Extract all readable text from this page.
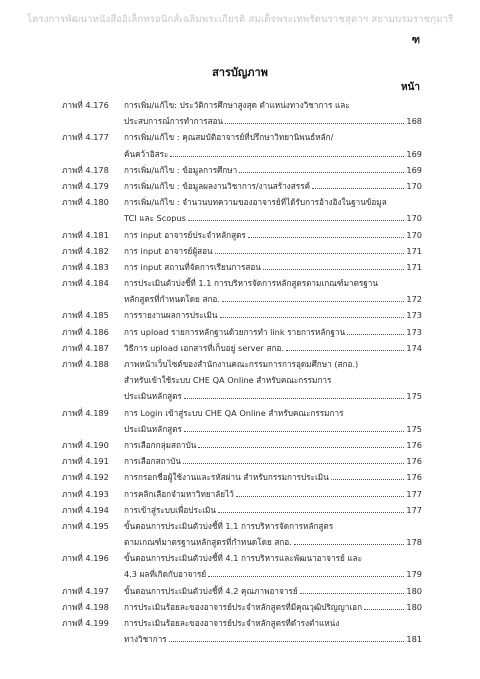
โครงการพัฒนาหนังสืออิเล็กทรอนิกส์เฉลิมพระเกียรติ สมเด็จพระเทพรัตนราชสุดาฯ สยามบรมราชกุมารี
ฑ
สารบัญภาพ
หน้า
ภาพที่ 4.176	การเพิ่ม/แก้ไข: ประวัติการศึกษาสูงสุด ตำแหน่งทางวิชาการ และ
ประสบการณ์การทำการสอน	168
ภาพที่ 4.177	การเพิ่ม/แก้ไข : คุณสมบัติอาจารย์ที่ปรึกษาวิทยานิพนธ์หลัก/
ค้นคว้าอิสระ	169
ภาพที่ 4.178	การเพิ่ม/แก้ไข : ข้อมูลการศึกษา	169
ภาพที่ 4.179	การเพิ่ม/แก้ไข : ข้อมูลผลงานวิชาการ/งานสร้างสรรค์	170
ภาพที่ 4.180	การเพิ่ม/แก้ไข : จำนวนบทความของอาจารย์ที่ได้รับการอ้างอิงในฐานข้อมูล
TCI และ Scopus	170
ภาพที่ 4.181	การ input อาจารย์ประจำหลักสูตร	170
ภาพที่ 4.182	การ input อาจารย์ผู้สอน	171
ภาพที่ 4.183	การ input สถานที่จัดการเรียนการสอน	171
ภาพที่ 4.184	การประเมินตัวบ่งชี้ที่ 1.1 การบริหารจัดการหลักสูตรตามเกณฑ์มาตรฐาน
หลักสูตรที่กำหนดโดย สกอ.	172
ภาพที่ 4.185	การรายงานผลการประเมิน	173
ภาพที่ 4.186	การ upload รายการหลักฐานด้วยการทำ link รายการหลักฐาน	173
ภาพที่ 4.187	วิธีการ upload เอกสารที่เก็บอยู่ server สกอ.	174
ภาพที่ 4.188	ภาพหน้าเว็บไซต์ของสำนักงานคณะกรรมการการอุดมศึกษา (สกอ.)
สำหรับเข้าใช้ระบบ CHE QA Online สำหรับคณะกรรมการ
ประเมินหลักสูตร	175
ภาพที่ 4.189	การ Login เข้าสู่ระบบ CHE QA Online สำหรับคณะกรรมการ
ประเมินหลักสูตร	175
ภาพที่ 4.190	การเลือกกลุ่มสถาบัน	176
ภาพที่ 4.191	การเลือกสถาบัน	176
ภาพที่ 4.192	การกรอกชื่อผู้ใช้งานและรหัสผ่าน สำหรับกรรมการประเมิน	176
ภาพที่ 4.193	การคลิกเลือกจำมหาวิทยาลัยไว้	177
ภาพที่ 4.194	การเข้าสู่ระบบเพื่อประเมิน	177
ภาพที่ 4.195	ขั้นตอนการประเมินตัวบ่งชี้ที่ 1.1 การบริหารจัดการหลักสูตร
ตามเกณฑ์มาตรฐานหลักสูตรที่กำหนดโดย สกอ.	178
ภาพที่ 4.196	ขั้นตอนการประเมินตัวบ่งชี้ที่ 4.1 การบริหารและพัฒนาอาจารย์ และ
4.3 ผลที่เกิดกับอาจารย์	179
ภาพที่ 4.197	ขั้นตอนการประเมินตัวบ่งชี้ที่ 4.2 คุณภาพอาจารย์	180
ภาพที่ 4.198	การประเมินร้อยละของอาจารย์ประจำหลักสูตรที่มีคุณวุฒิปริญญาเอก	180
ภาพที่ 4.199	การประเมินร้อยละของอาจารย์ประจำหลักสูตรที่ดำรงตำแหน่ง
ทางวิชาการ	181
